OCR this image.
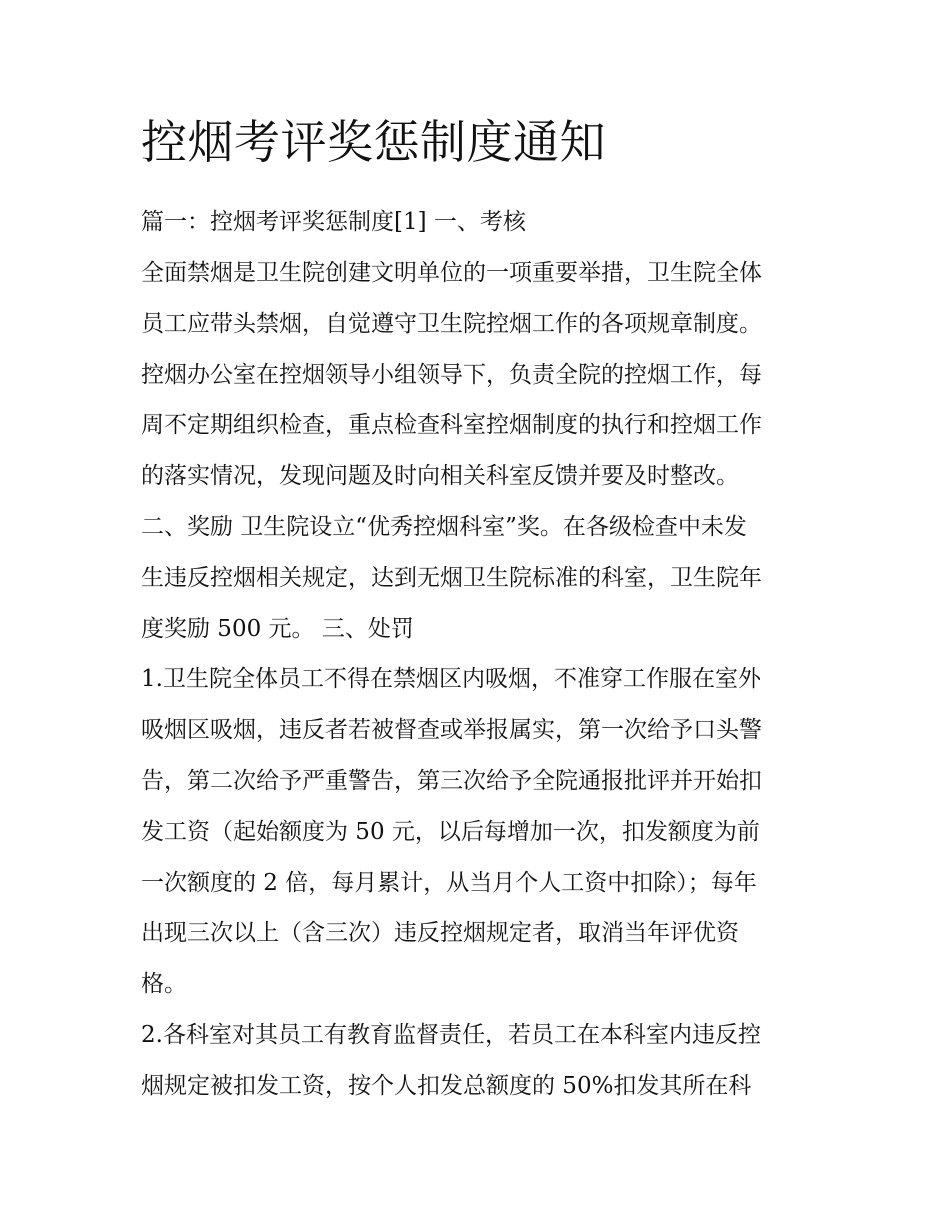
控烟考评奖惩制度通知
篇一：控烟考评奖惩制度[1] 一、考核
全面禁烟是卫生院创建文明单位的一项重要举措，卫生院全体
员工应带头禁烟，自觉遵守卫生院控烟工作的各项规章制度。
控烟办公室在控烟领导小组领导下，负责全院的控烟工作，每
周不定期组织检查，重点检查科室控烟制度的执行和控烟工作
的落实情况，发现问题及时向相关科室反馈并要及时整改。
二、奖励 卫生院设立“优秀控烟科室”奖。在各级检查中未发
生违反控烟相关规定，达到无烟卫生院标准的科室，卫生院年
度奖励 500 元。 三、处罚
1.卫生院全体员工不得在禁烟区内吸烟，不准穿工作服在室外
吸烟区吸烟，违反者若被督查或举报属实，第一次给予口头警
告，第二次给予严重警告，第三次给予全院通报批评并开始扣
发工资（起始额度为 50 元，以后每增加一次，扣发额度为前
一次额度的 2 倍，每月累计，从当月个人工资中扣除）；每年
出现三次以上（含三次）违反控烟规定者，取消当年评优资
格。
2.各科室对其员工有教育监督责任，若员工在本科室内违反控
烟规定被扣发工资，按个人扣发总额度的 50%扣发其所在科
